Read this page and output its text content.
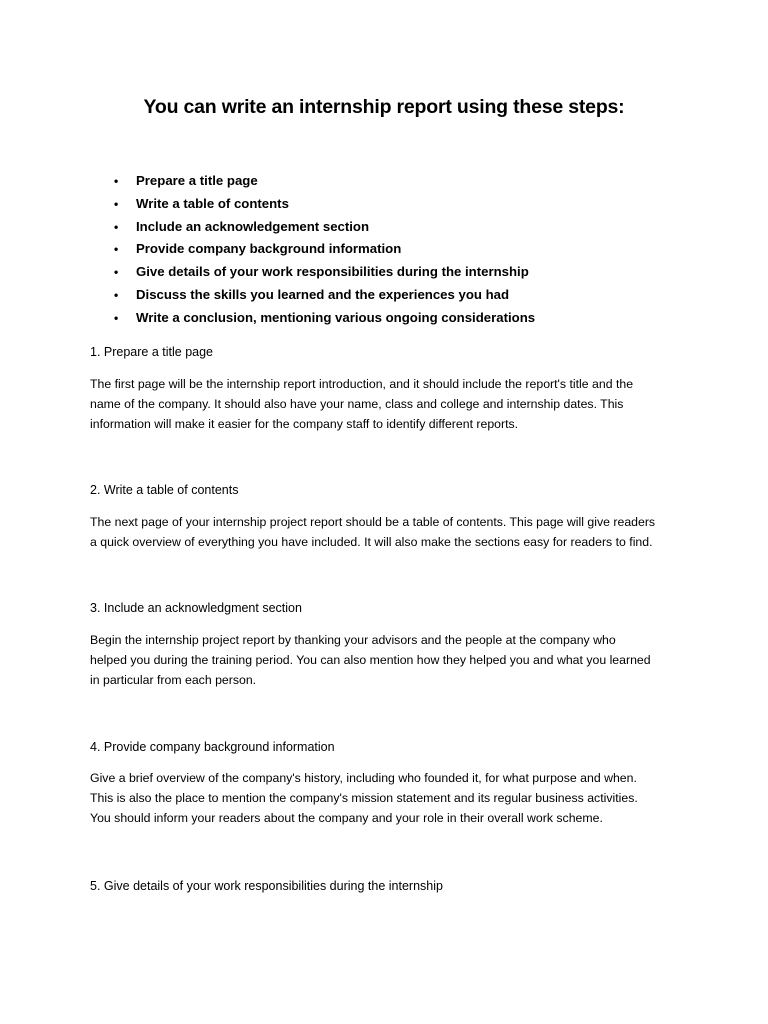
You can write an internship report using these steps:
• Prepare a title page
• Write a table of contents
• Include an acknowledgement section
• Provide company background information
• Give details of your work responsibilities during the internship
• Discuss the skills you learned and the experiences you had
• Write a conclusion, mentioning various ongoing considerations
1. Prepare a title page

The first page will be the internship report introduction, and it should include the report's title and the
name of the company. It should also have your name, class and college and internship dates. This
information will make it easier for the company staff to identify different reports.

2. Write a table of contents

The next page of your internship project report should be a table of contents. This page will give readers
a quick overview of everything you have included. It will also make the sections easy for readers to find.

3. Include an acknowledgment section

Begin the internship project report by thanking your advisors and the people at the company who
helped you during the training period. You can also mention how they helped you and what you learned
in particular from each person.

4. Provide company background information

Give a brief overview of the company's history, including who founded it, for what purpose and when.
This is also the place to mention the company's mission statement and its regular business activities.
You should inform your readers about the company and your role in their overall work scheme.

5. Give details of your work responsibilities during the internship
